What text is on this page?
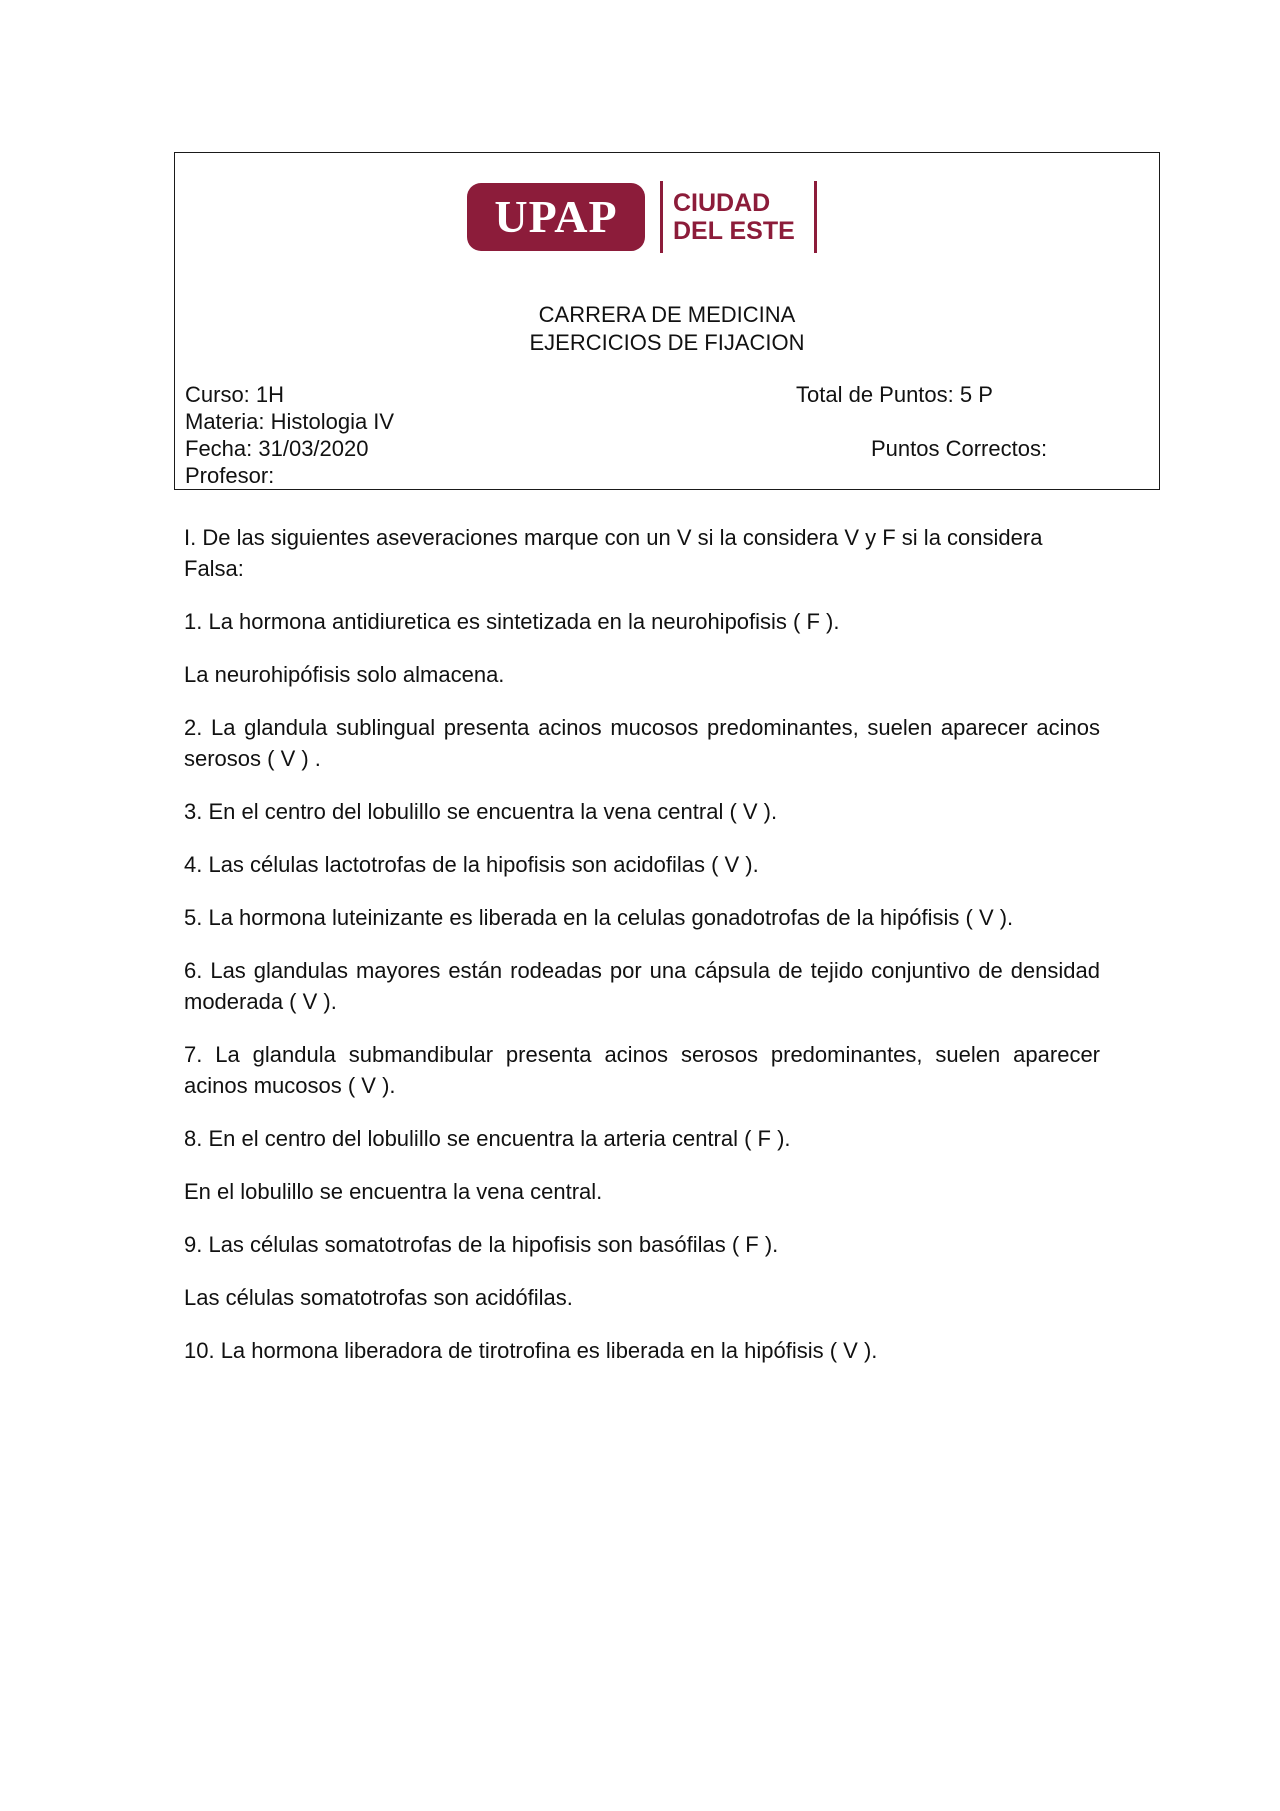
UPAP	CIUDAD
DEL ESTE
CARRERA DE MEDICINA
EJERCICIOS DE FIJACION
Curso: 1H
Materia: Histologia IV
Fecha: 31/03/2020
Profesor:
Total de Puntos: 5 P
Puntos Correctos:

I. De las siguientes aseveraciones marque con un V si la considera V y F si la considera Falsa:

1. La hormona antidiuretica es sintetizada en la neurohipofisis ( F ).

La neurohipófisis solo almacena.

2. La glandula sublingual presenta acinos mucosos predominantes, suelen aparecer acinos serosos ( V ) .

3. En el centro del lobulillo se encuentra la vena central ( V ).

4. Las células lactotrofas de la hipofisis son acidofilas ( V ).

5. La hormona luteinizante es liberada en la celulas gonadotrofas de la hipófisis ( V ).

6. Las glandulas mayores están rodeadas por una cápsula de tejido conjuntivo de densidad moderada ( V ).

7. La glandula submandibular presenta acinos serosos predominantes, suelen aparecer acinos mucosos ( V ).

8. En el centro del lobulillo se encuentra la arteria central ( F ).

En el lobulillo se encuentra la vena central.

9. Las células somatotrofas de la hipofisis son basófilas ( F ).

Las células somatotrofas son acidófilas.

10. La hormona liberadora de tirotrofina es liberada en la hipófisis ( V ).
